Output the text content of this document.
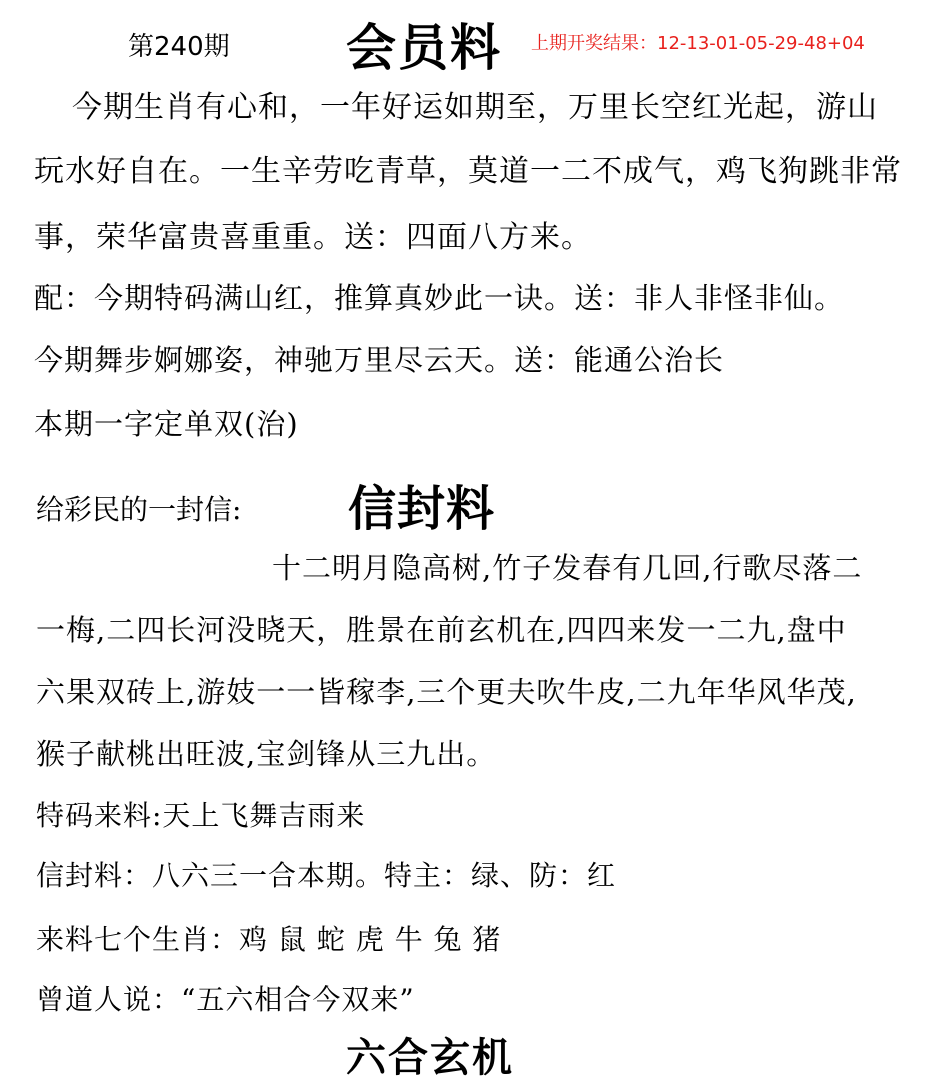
第240期 会员料 上期开奖结果：12-13-01-05-29-48+04
今期生肖有心和，一年好运如期至，万里长空红光起，游山
玩水好自在。一生辛劳吃青草，莫道一二不成气，鸡飞狗跳非常
事，荣华富贵喜重重。送：四面八方来。
配：今期特码满山红，推算真妙此一诀。送：非人非怪非仙。
今期舞步婀娜姿，神驰万里尽云天。送：能通公治长
本期一字定单双(治)
给彩民的一封信: 信封料
十二明月隐高树,竹子发春有几回,行歌尽落二
一梅,二四长河没晓天，胜景在前玄机在,四四来发一二九,盘中
六果双砖上,游妓一一皆稼李,三个更夫吹牛皮,二九年华风华茂,
猴子献桃出旺波,宝剑锋从三九出。
特码来料:天上飞舞吉雨来
信封料：八六三一合本期。特主：绿、防：红
来料七个生肖：鸡 鼠 蛇 虎 牛 兔 猪
曾道人说：“五六相合今双来”
六合玄机
